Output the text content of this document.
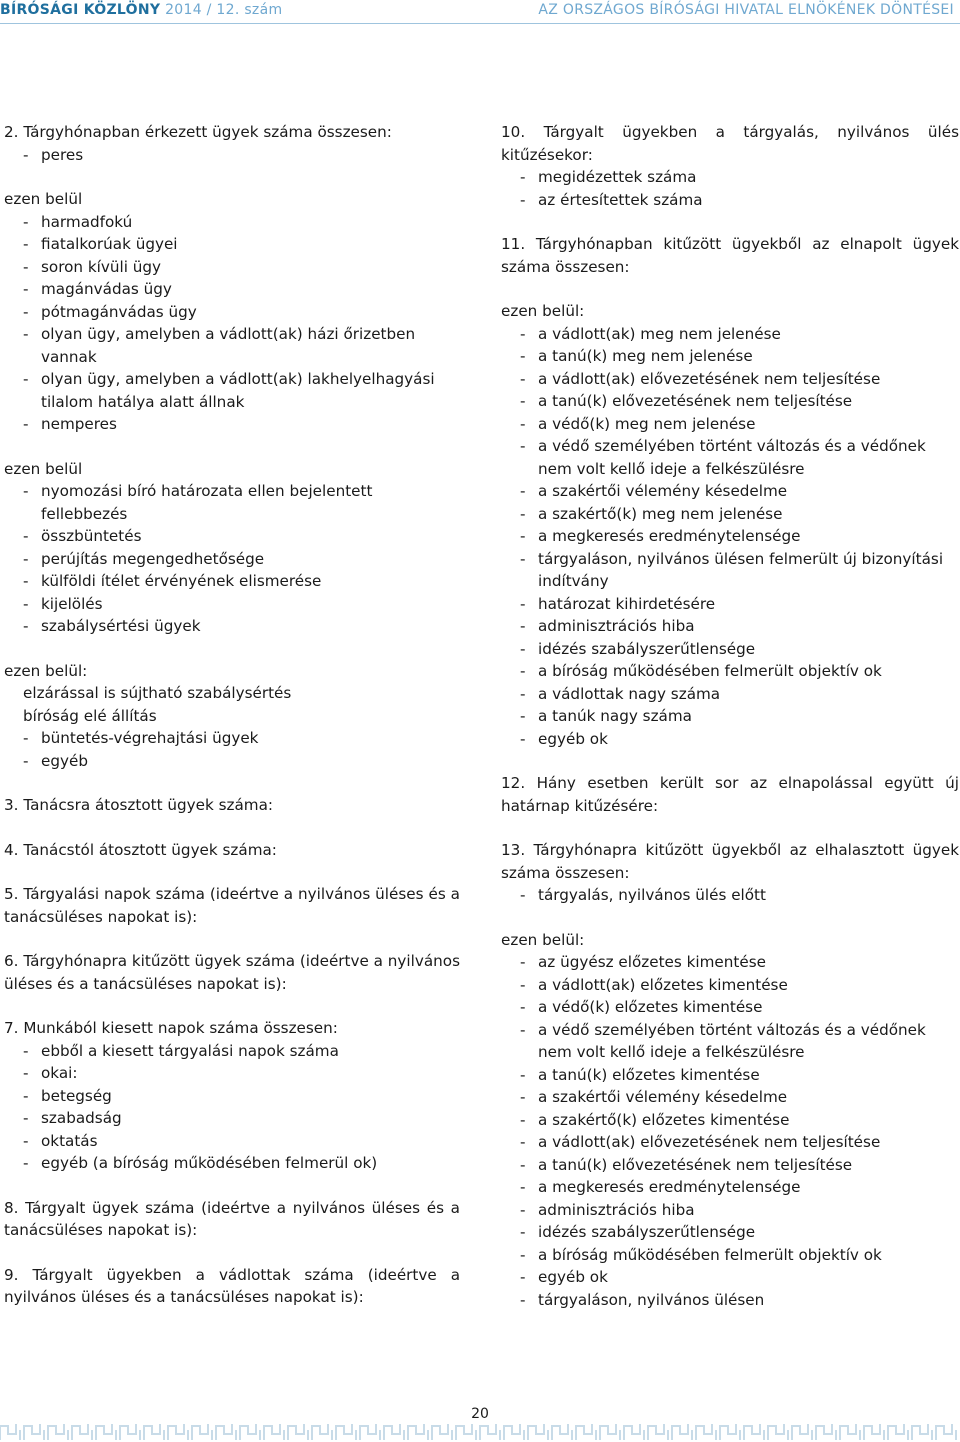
BÍRÓSÁGI KÖZLÖNY 2014 / 12. szám	AZ ORSZÁGOS BÍRÓSÁGI HIVATAL ELNÖKÉNEK DÖNTÉSEI

2. Tárgyhónapban érkezett ügyek száma összesen:

- peres

ezen belül

- harmadfokú
- fiatalkorúak ügyei
- soron kívüli ügy
- magánvádas ügy
- pótmagánvádas ügy
- olyan ügy, amelyben a vádlott(ak) házi őrizetben vannak
- olyan ügy, amelyben a vádlott(ak) lakhelyelhagyási tilalom hatálya alatt állnak
- nemperes

ezen belül

- nyomozási bíró határozata ellen bejelentett fellebbezés
- összbüntetés
- perújítás megengedhetősége
- külföldi ítélet érvényének elismerése
- kijelölés
- szabálysértési ügyek

ezen belül:

elzárással is sújtható szabálysértés
bíróság elé állítás
- büntetés-végrehajtási ügyek
- egyéb

3. Tanácsra átosztott ügyek száma:

4. Tanácstól átosztott ügyek száma:

5. Tárgyalási napok száma (ideértve a nyilvános üléses és a tanácsüléses napokat is):

6. Tárgyhónapra kitűzött ügyek száma (ideértve a nyilvános üléses és a tanácsüléses napokat is):

7. Munkából kiesett napok száma összesen:

- ebből a kiesett tárgyalási napok száma
- okai:
- betegség
- szabadság
- oktatás
- egyéb (a bíróság működésében felmerül ok)

8. Tárgyalt ügyek száma (ideértve a nyilvános üléses és a tanácsüléses napokat is):

9. Tárgyalt ügyekben a vádlottak száma (ideértve a nyilvános üléses és a tanácsüléses napokat is):

10. Tárgyalt ügyekben a tárgyalás, nyilvános ülés kitűzésekor:

- megidézettek száma
- az értesítettek száma

11. Tárgyhónapban kitűzött ügyekből az elnapolt ügyek száma összesen:

ezen belül:

- a vádlott(ak) meg nem jelenése
- a tanú(k) meg nem jelenése
- a vádlott(ak) elővezetésének nem teljesítése
- a tanú(k) elővezetésének nem teljesítése
- a védő(k) meg nem jelenése
- a védő személyében történt változás és a védőnek nem volt kellő ideje a felkészülésre
- a szakértői vélemény késedelme
- a szakértő(k) meg nem jelenése
- a megkeresés eredménytelensége
- tárgyaláson, nyilvános ülésen felmerült új bizonyítási indítvány
- határozat kihirdetésére
- adminisztrációs hiba
- idézés szabályszerűtlensége
- a bíróság működésében felmerült objektív ok
- a vádlottak nagy száma
- a tanúk nagy száma
- egyéb ok

12. Hány esetben került sor az elnapolással együtt új határnap kitűzésére:

13. Tárgyhónapra kitűzött ügyekből az elhalasztott ügyek száma összesen:

- tárgyalás, nyilvános ülés előtt

ezen belül:

- az ügyész előzetes kimentése
- a vádlott(ak) előzetes kimentése
- a védő(k) előzetes kimentése
- a védő személyében történt változás és a védőnek nem volt kellő ideje a felkészülésre
- a tanú(k) előzetes kimentése
- a szakértői vélemény késedelme
- a szakértő(k) előzetes kimentése
- a vádlott(ak) elővezetésének nem teljesítése
- a tanú(k) elővezetésének nem teljesítése
- a megkeresés eredménytelensége
- adminisztrációs hiba
- idézés szabályszerűtlensége
- a bíróság működésében felmerült objektív ok
- egyéb ok
- tárgyaláson, nyilvános ülésen
20
